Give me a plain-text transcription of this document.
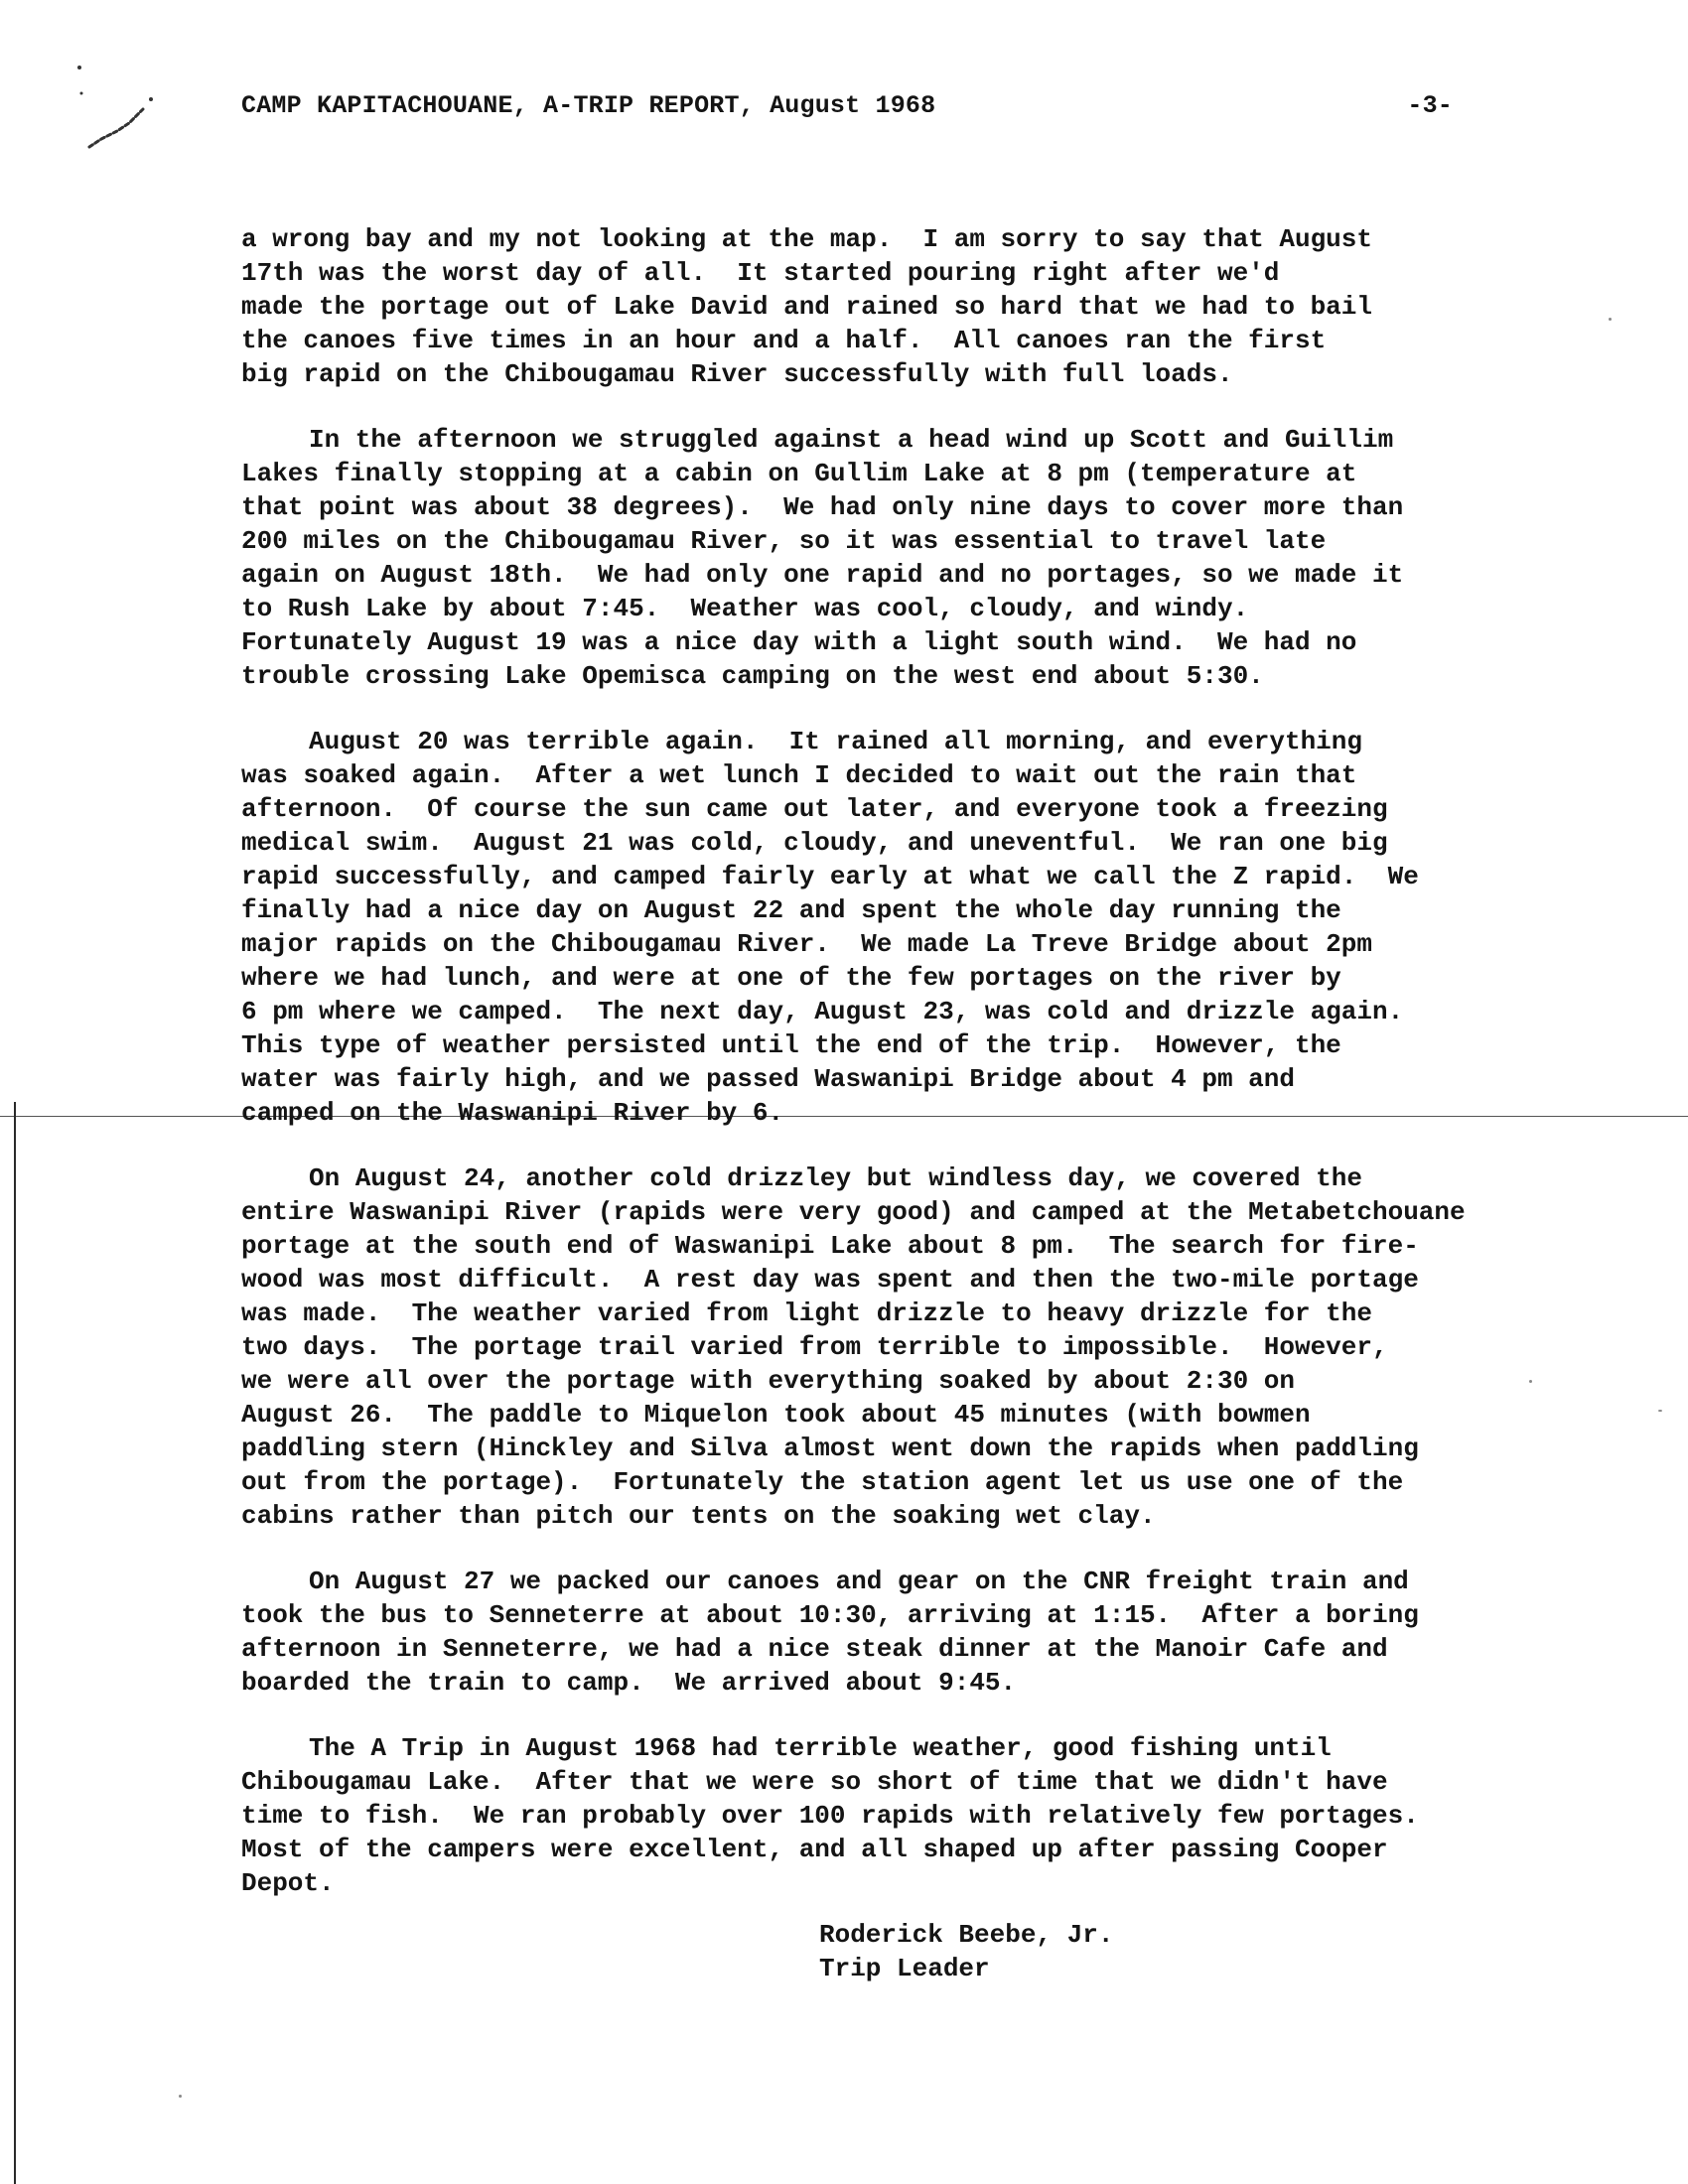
CAMP KAPITACHOUANE, A-TRIP REPORT, August 1968	-3-
a wrong bay and my not looking at the map.  I am sorry to say that August
17th was the worst day of all.  It started pouring right after we'd
made the portage out of Lake David and rained so hard that we had to bail
the canoes five times in an hour and a half.  All canoes ran the first
big rapid on the Chibougamau River successfully with full loads.
In the afternoon we struggled against a head wind up Scott and Guillim
Lakes finally stopping at a cabin on Gullim Lake at 8 pm (temperature at
that point was about 38 degrees).  We had only nine days to cover more than
200 miles on the Chibougamau River, so it was essential to travel late
again on August 18th.  We had only one rapid and no portages, so we made it
to Rush Lake by about 7:45.  Weather was cool, cloudy, and windy.
Fortunately August 19 was a nice day with a light south wind.  We had no
trouble crossing Lake Opemisca camping on the west end about 5:30.
August 20 was terrible again.  It rained all morning, and everything
was soaked again.  After a wet lunch I decided to wait out the rain that
afternoon.  Of course the sun came out later, and everyone took a freezing
medical swim.  August 21 was cold, cloudy, and uneventful.  We ran one big
rapid successfully, and camped fairly early at what we call the Z rapid.  We
finally had a nice day on August 22 and spent the whole day running the
major rapids on the Chibougamau River.  We made La Treve Bridge about 2pm
where we had lunch, and were at one of the few portages on the river by
6 pm where we camped.  The next day, August 23, was cold and drizzle again.
This type of weather persisted until the end of the trip.  However, the
water was fairly high, and we passed Waswanipi Bridge about 4 pm and
camped on the Waswanipi River by 6.
On August 24, another cold drizzley but windless day, we covered the
entire Waswanipi River (rapids were very good) and camped at the Metabetchouane
portage at the south end of Waswanipi Lake about 8 pm.  The search for fire-
wood was most difficult.  A rest day was spent and then the two-mile portage
was made.  The weather varied from light drizzle to heavy drizzle for the
two days.  The portage trail varied from terrible to impossible.  However,
we were all over the portage with everything soaked by about 2:30 on
August 26.  The paddle to Miquelon took about 45 minutes (with bowmen
paddling stern (Hinckley and Silva almost went down the rapids when paddling
out from the portage).  Fortunately the station agent let us use one of the
cabins rather than pitch our tents on the soaking wet clay.
On August 27 we packed our canoes and gear on the CNR freight train and
took the bus to Senneterre at about 10:30, arriving at 1:15.  After a boring
afternoon in Senneterre, we had a nice steak dinner at the Manoir Cafe and
boarded the train to camp.  We arrived about 9:45.
The A Trip in August 1968 had terrible weather, good fishing until
Chibougamau Lake.  After that we were so short of time that we didn't have
time to fish.  We ran probably over 100 rapids with relatively few portages.
Most of the campers were excellent, and all shaped up after passing Cooper
Depot.
Roderick Beebe, Jr.
Trip Leader
